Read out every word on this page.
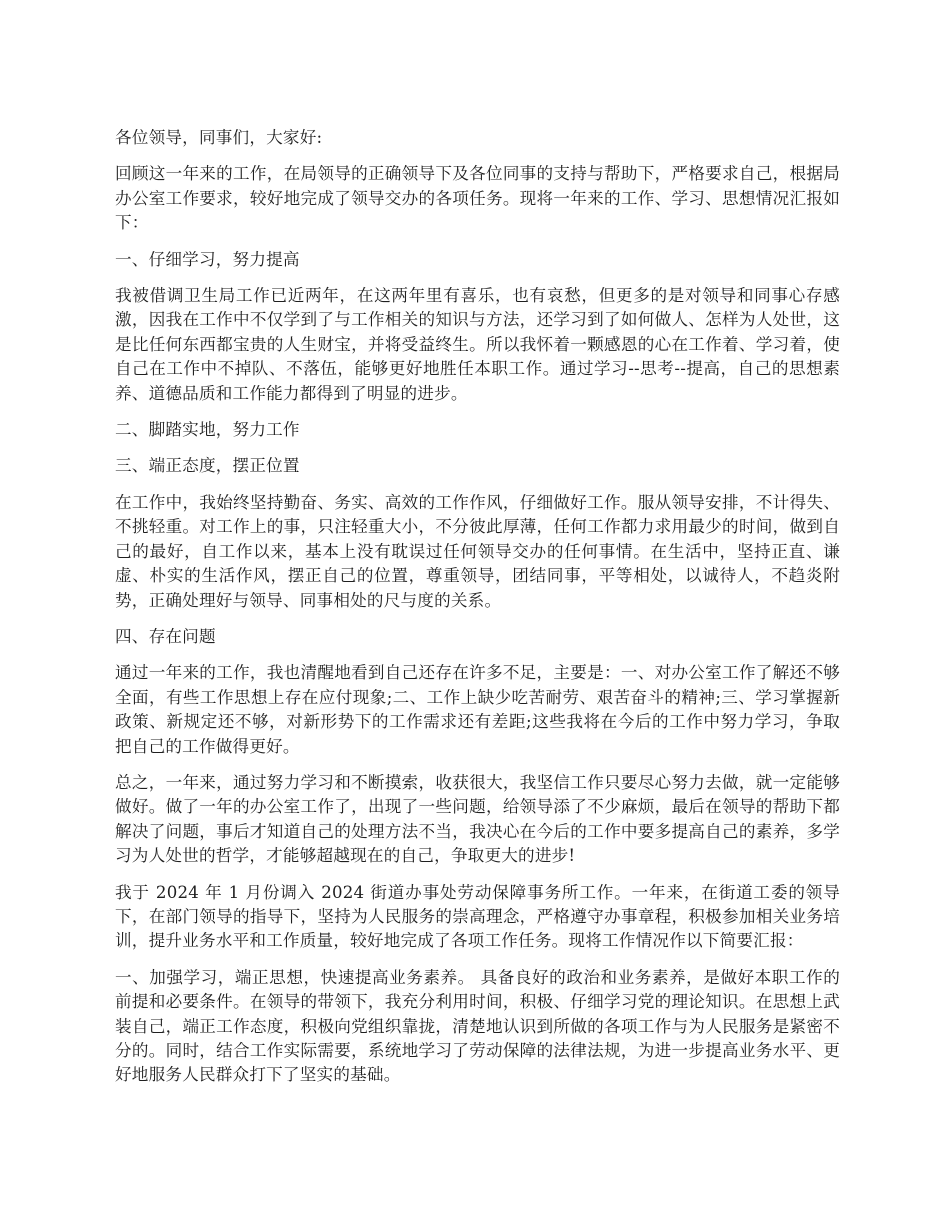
各位领导，同事们，大家好:

回顾这一年来的工作，在局领导的正确领导下及各位同事的支持与帮助下，严格要求自己，根据局办公室工作要求，较好地完成了领导交办的各项任务。现将一年来的工作、学习、思想情况汇报如下：

一、仔细学习，努力提高

我被借调卫生局工作已近两年，在这两年里有喜乐，也有哀愁，但更多的是对领导和同事心存感激，因我在工作中不仅学到了与工作相关的知识与方法，还学习到了如何做人、怎样为人处世，这是比任何东西都宝贵的人生财宝，并将受益终生。所以我怀着一颗感恩的心在工作着、学习着，使自己在工作中不掉队、不落伍，能够更好地胜任本职工作。通过学习--思考--提高，自己的思想素养、道德品质和工作能力都得到了明显的进步。

二、脚踏实地，努力工作

三、端正态度，摆正位置

在工作中，我始终坚持勤奋、务实、高效的工作作风，仔细做好工作。服从领导安排，不计得失、不挑轻重。对工作上的事，只注轻重大小，不分彼此厚薄，任何工作都力求用最少的时间，做到自己的最好，自工作以来，基本上没有耽误过任何领导交办的任何事情。在生活中，坚持正直、谦虚、朴实的生活作风，摆正自己的位置，尊重领导，团结同事，平等相处，以诚待人，不趋炎附势，正确处理好与领导、同事相处的尺与度的关系。

四、存在问题

通过一年来的工作，我也清醒地看到自己还存在许多不足，主要是：一、对办公室工作了解还不够全面，有些工作思想上存在应付现象;二、工作上缺少吃苦耐劳、艰苦奋斗的精神;三、学习掌握新政策、新规定还不够，对新形势下的工作需求还有差距;这些我将在今后的工作中努力学习，争取把自己的工作做得更好。

总之，一年来，通过努力学习和不断摸索，收获很大，我坚信工作只要尽心努力去做，就一定能够做好。做了一年的办公室工作了，出现了一些问题，给领导添了不少麻烦，最后在领导的帮助下都解决了问题，事后才知道自己的处理方法不当，我决心在今后的工作中要多提高自己的素养，多学习为人处世的哲学，才能够超越现在的自己，争取更大的进步!

我于 2024 年 1 月份调入 2024 街道办事处劳动保障事务所工作。一年来，在街道工委的领导下，在部门领导的指导下，坚持为人民服务的崇高理念，严格遵守办事章程，积极参加相关业务培训，提升业务水平和工作质量，较好地完成了各项工作任务。现将工作情况作以下简要汇报：

一、加强学习，端正思想，快速提高业务素养。 具备良好的政治和业务素养，是做好本职工作的前提和必要条件。在领导的带领下，我充分利用时间，积极、仔细学习党的理论知识。在思想上武装自己，端正工作态度，积极向党组织靠拢，清楚地认识到所做的各项工作与为人民服务是紧密不分的。同时，结合工作实际需要，系统地学习了劳动保障的法律法规，为进一步提高业务水平、更好地服务人民群众打下了坚实的基础。
